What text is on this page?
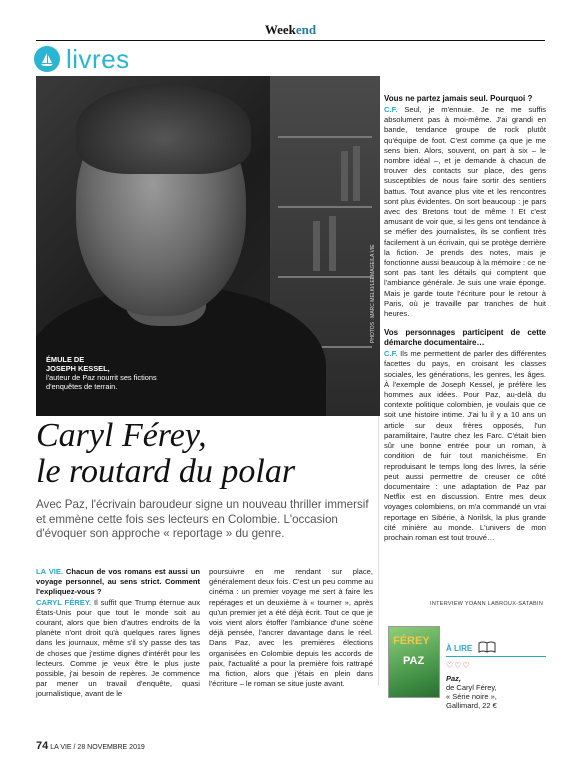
Weekend
livres
ÉMULE DE
JOSEPH KESSEL,
l'auteur de Paz nourrit ses fictions d'enquêtes de terrain.
PHOTOS : MARC MELKI/LEEMAGE/LA VIE
Caryl Férey,
le routard du polar
Avec Paz, l'écrivain baroudeur signe un nouveau thriller immersif et emmène cette fois ses lecteurs en Colombie. L'occasion d'évoquer son approche « reportage » du genre.
LA VIE. Chacun de vos romans est aussi un voyage personnel, au sens strict. Comment l'expliquez-vous ?
CARYL FÉREY. Il suffit que Trump éternue aux États-Unis pour que tout le monde soit au courant, alors que bien d'autres endroits de la planète n'ont droit qu'à quelques rares lignes dans les journaux, même s'il s'y passe des tas de choses que j'estime dignes d'intérêt pour les lecteurs. Comme je veux être le plus juste possible, j'ai besoin de repères. Je commence par mener un travail d'enquête, quasi journalistique, avant de le
poursuivre en me rendant sur place, généralement deux fois. C'est un peu comme au cinéma : un premier voyage me sert à faire les repérages et un deuxième à « tourner », après qu'un premier jet a été déjà écrit. Tout ce que je vois vient alors étoffer l'ambiance d'une scène déjà pensée, l'ancrer davantage dans le réel. Dans Paz, avec les premières élections organisées en Colombie depuis les accords de paix, l'actualité a pour la première fois rattrapé ma fiction, alors que j'étais en plein dans l'écriture – le roman se situe juste avant.
Vous ne partez jamais seul. Pourquoi ?
C.F. Seul, je m'ennuie. Je ne me suffis absolument pas à moi-même. J'ai grandi en bande, tendance groupe de rock plutôt qu'équipe de foot. C'est comme ça que je me sens bien. Alors, souvent, on part à six – le nombre idéal –, et je demande à chacun de trouver des contacts sur place, des gens susceptibles de nous faire sortir des sentiers battus. Tout avance plus vite et les rencontres sont plus évidentes. On sort beaucoup : je pars avec des Bretons tout de même ! Et c'est amusant de voir que, si les gens ont tendance à se méfier des journalistes, ils se confient très facilement à un écrivain, qui se protège derrière la fiction. Je prends des notes, mais je fonctionne aussi beaucoup à la mémoire : ce ne sont pas tant les détails qui comptent que l'ambiance générale. Je suis une vraie éponge. Mais je garde toute l'écriture pour le retour à Paris, où je travaille par tranches de huit heures.
Vos personnages participent de cette démarche documentaire…
C.F. Ils me permettent de parler des différentes facettes du pays, en croisant les classes sociales, les générations, les genres, les âges. À l'exemple de Joseph Kessel, je préfère les hommes aux idées. Pour Paz, au-delà du contexte politique colombien, je voulais que ce soit une histoire intime. J'ai lu il y a 10 ans un article sur deux frères opposés, l'un paramilitaire, l'autre chez les Farc. C'était bien sûr une bonne entrée pour un roman, à condition de fuir tout manichéisme. En reproduisant le temps long des livres, la série peut aussi permettre de creuser ce côté documentaire : une adaptation de Paz par Netflix est en discussion. Entre mes deux voyages colombiens, on m'a commandé un vrai reportage en Sibérie, à Norilsk, la plus grande cité minière au monde. L'univers de mon prochain roman est tout trouvé…
INTERVIEW YOANN LABROUX-SATABIN
FÉREY
PAZ
À LIRE
♡♡♡
Paz,
de Caryl Férey,
« Série noire »,
Gallimard, 22 €
74 LA VIE / 28 NOVEMBRE 2019
